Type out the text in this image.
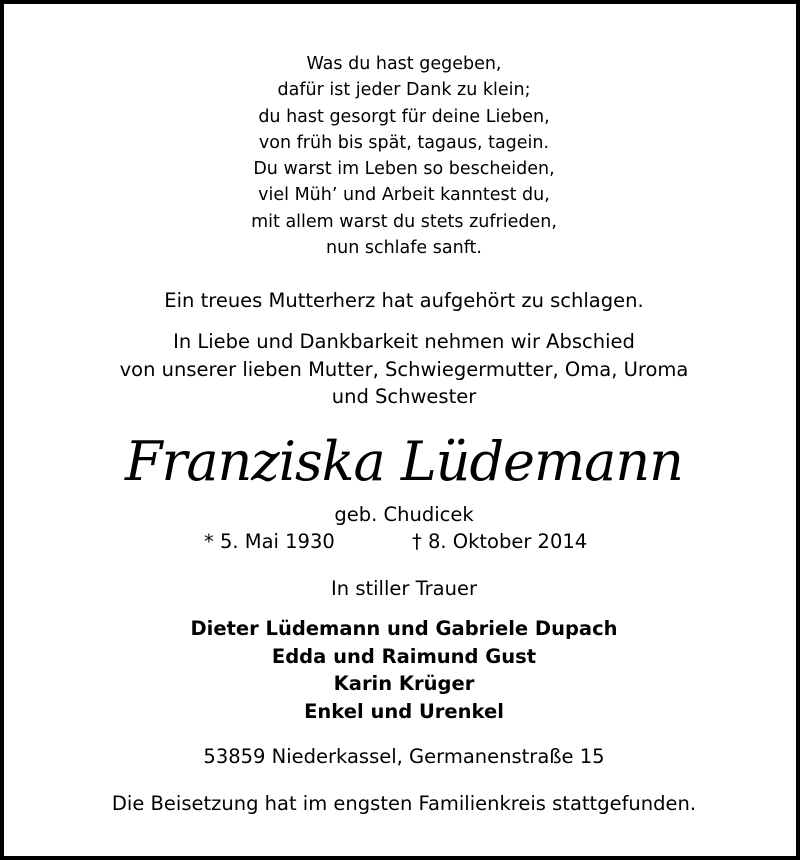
Was du hast gegeben,
dafür ist jeder Dank zu klein;
du hast gesorgt für deine Lieben,
von früh bis spät, tagaus, tagein.
Du warst im Leben so bescheiden,
viel Müh’ und Arbeit kanntest du,
mit allem warst du stets zufrieden,
nun schlafe sanft.
Ein treues Mutterherz hat aufgehört zu schlagen.
In Liebe und Dankbarkeit nehmen wir Abschied
von unserer lieben Mutter, Schwiegermutter, Oma, Uroma
und Schwester
Franziska Lüdemann
geb. Chudicek
* 5. Mai 1930	† 8. Oktober 2014
In stiller Trauer
Dieter Lüdemann und Gabriele Dupach
Edda und Raimund Gust
Karin Krüger
Enkel und Urenkel
53859 Niederkassel, Germanenstraße 15
Die Beisetzung hat im engsten Familienkreis stattgefunden.
